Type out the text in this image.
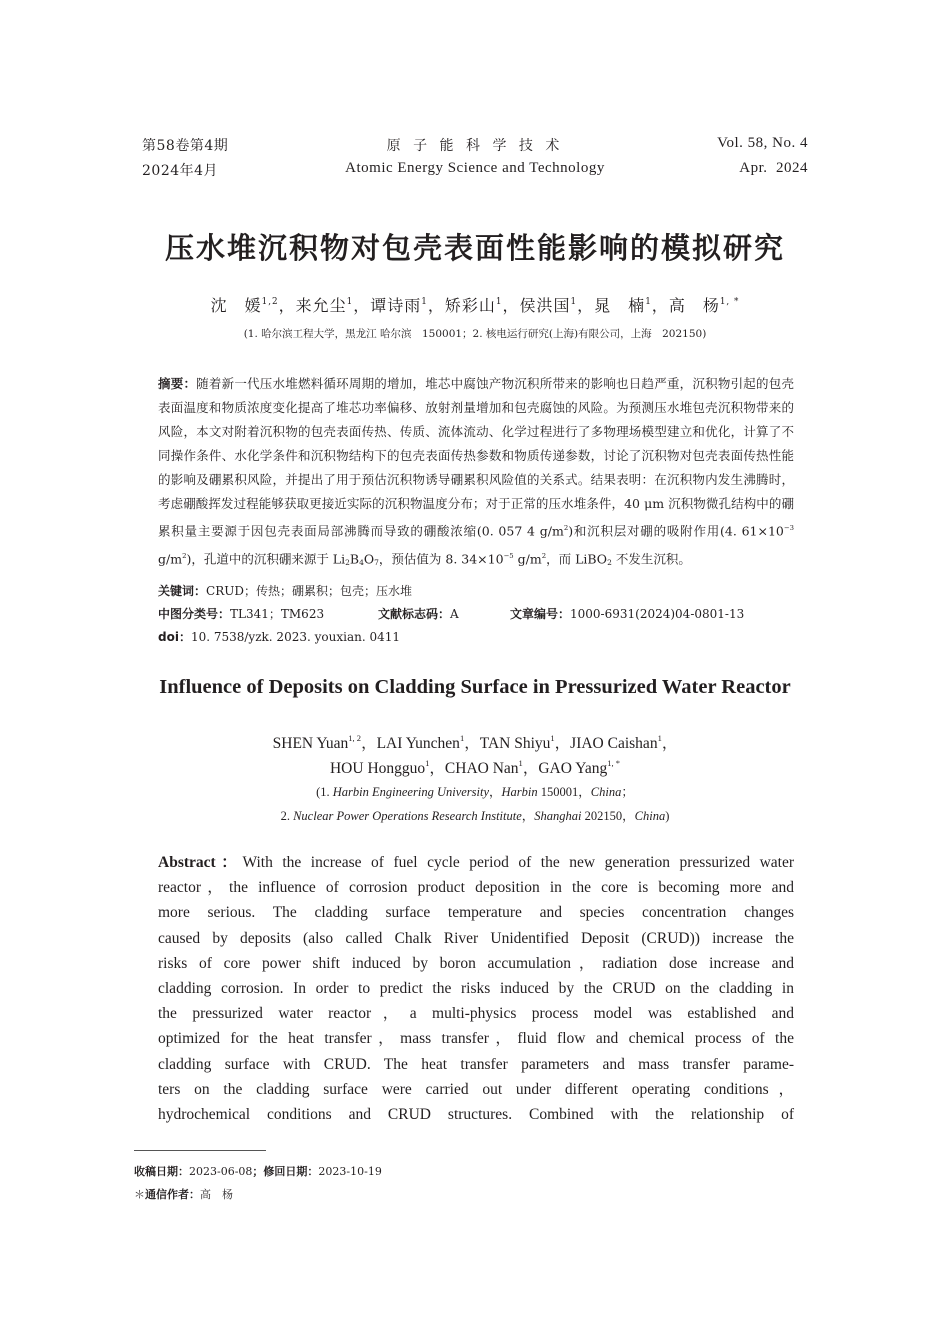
第58卷第4期
2024年4月
原 子 能 科 学 技 术
Atomic Energy Science and Technology
Vol. 58, No. 4
Apr.  2024
压水堆沉积物对包壳表面性能影响的模拟研究
沈　媛$^{1,2}$，来允尘$^1$，谭诗雨$^1$，矫彩山$^1$，侯洪国$^1$，晁　楠$^1$，高　杨$^{1, *}$
(1. 哈尔滨工程大学，黑龙江 哈尔滨　150001；2. 核电运行研究(上海)有限公司，上海　202150)
摘要：随着新一代压水堆燃料循环周期的增加，堆芯中腐蚀产物沉积所带来的影响也日趋严重，沉积物引起的包壳表面温度和物质浓度变化提高了堆芯功率偏移、放射剂量增加和包壳腐蚀的风险。为预测压水堆包壳沉积物带来的风险，本文对附着沉积物的包壳表面传热、传质、流体流动、化学过程进行了多物理场模型建立和优化，计算了不同操作条件、水化学条件和沉积物结构下的包壳表面传热参数和物质传递参数，讨论了沉积物对包壳表面传热性能的影响及硼累积风险，并提出了用于预估沉积物诱导硼累积风险值的关系式。结果表明：在沉积物内发生沸腾时，考虑硼酸挥发过程能够获取更接近实际的沉积物温度分布；对于正常的压水堆条件，40 μm 沉积物微孔结构中的硼累积量主要源于因包壳表面局部沸腾而导致的硼酸浓缩(0. 057 4 $g/m^2$)和沉积层对硼的吸附作用(4. $61\times 10^{-3}$ $g/m^2$)，孔道中的沉积硼来源于 $Li_2B_4O_7$，预估值为 8. $34\times 10^{-5}$ $g/m^2$，而 LiBO$_2$ 不发生沉积。
关键词：CRUD；传热；硼累积；包壳；压水堆
中图分类号：TL341；TM623	文献标志码：A	文章编号：1000-6931(2024)04-0801-13
doi：10. 7538/yzk. 2023. youxian. 0411
Influence of Deposits on Cladding Surface in Pressurized Water Reactor
SHEN Yuan$^{1, 2}$，LAI Yunchen$^1$，TAN Shiyu$^1$，JIAO Caishan$^1$，
HOU Hongguo$^1$，CHAO Nan$^1$，GAO Yang$^{1, *}$
(1. Harbin Engineering University，Harbin 150001，China；
2. Nuclear Power Operations Research Institute，Shanghai 202150，China)
Abstract：With the increase of fuel cycle period of the new generation pressurized water
reactor，the influence of corrosion product deposition in the core is becoming more and
more serious. The cladding surface temperature and species concentration changes
caused by deposits (also called Chalk River Unidentified Deposit (CRUD)) increase the
risks of core power shift induced by boron accumulation，radiation dose increase and
cladding corrosion. In order to predict the risks induced by the CRUD on the cladding in
the pressurized water reactor，a multi-physics process model was established and
optimized for the heat transfer，mass transfer，fluid flow and chemical process of the
cladding surface with CRUD. The heat transfer parameters and mass transfer parame-
ters on the cladding surface were carried out under different operating conditions，
hydrochemical conditions and CRUD structures. Combined with the relationship of
收稿日期：2023-06-08；修回日期：2023-10-19
＊通信作者：高　杨
